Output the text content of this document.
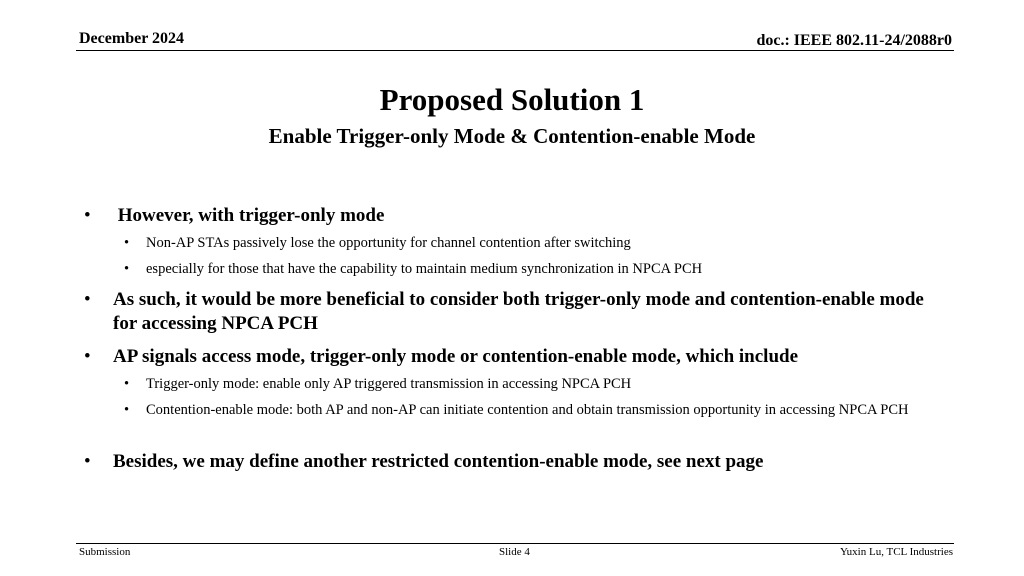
December 2024	doc.: IEEE 802.11-24/2088r0
Proposed Solution 1
Enable Trigger-only Mode & Contention-enable Mode
• However, with trigger-only mode
• Non-AP STAs passively lose the opportunity for channel contention after switching
• especially for those that have the capability to maintain medium synchronization in NPCA PCH
• As such, it would be more beneficial to consider both trigger-only mode and contention-enable mode for accessing NPCA PCH
• AP signals access mode, trigger-only mode or contention-enable mode, which include
• Trigger-only mode: enable only AP triggered transmission in accessing NPCA PCH
• Contention-enable mode: both AP and non-AP can initiate contention and obtain transmission opportunity in accessing NPCA PCH
• Besides, we may define another restricted contention-enable mode, see next page
Submission	Slide 4	Yuxin Lu, TCL Industries
